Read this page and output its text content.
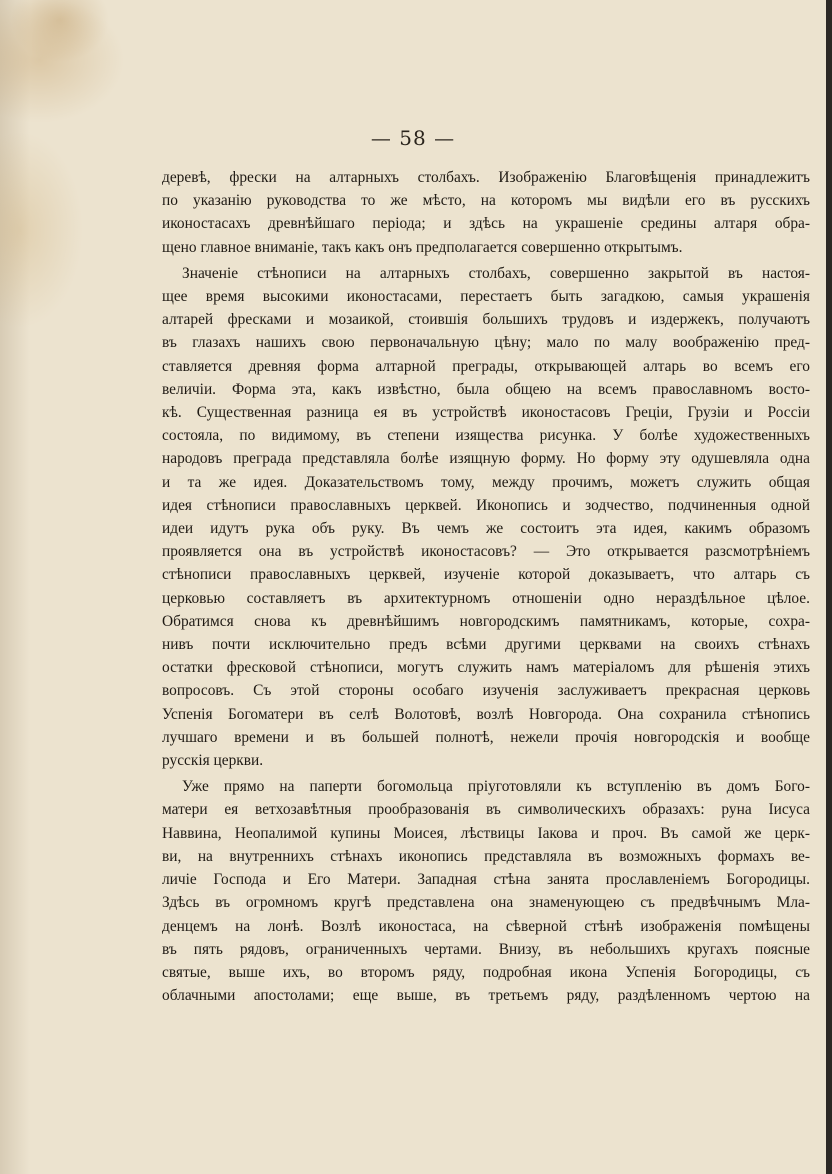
— 58 —

деревѣ, фрески на алтарныхъ столбахъ. Изображенію Благовѣщенія принадлежитъ
по указанію руководства то же мѣсто, на которомъ мы видѣли его въ русскихъ
иконостасахъ древнѣйшаго періода; и здѣсь на украшеніе средины алтаря обра-
щено главное вниманіе, такъ какъ онъ предполагается совершенно открытымъ.

Значеніе стѣнописи на алтарныхъ столбахъ, совершенно закрытой въ настоя-
щее время высокими иконостасами, перестаетъ быть загадкою, самыя украшенія
алтарей фресками и мозаикой, стоившія большихъ трудовъ и издержекъ, получаютъ
въ глазахъ нашихъ свою первоначальную цѣну; мало по малу воображенію пред-
ставляется древняя форма алтарной преграды, открывающей алтарь во всемъ его
величіи. Форма эта, какъ извѣстно, была общею на всемъ православномъ восто-
кѣ. Существенная разница ея въ устройствѣ иконостасовъ Греціи, Грузіи и Россіи
состояла, по видимому, въ степени изящества рисунка. У болѣе художественныхъ
народовъ преграда представляла болѣе изящную форму. Но форму эту одушевляла одна
и та же идея. Доказательствомъ тому, между прочимъ, можетъ служить общая
идея стѣнописи православныхъ церквей. Иконопись и зодчество, подчиненныя одной
идеи идутъ рука объ руку. Въ чемъ же состоитъ эта идея, какимъ образомъ
проявляется она въ устройствѣ иконостасовъ? — Это открывается разсмотрѣніемъ
стѣнописи православныхъ церквей, изученіе которой доказываетъ, что алтарь съ
церковью составляетъ въ архитектурномъ отношеніи одно нераздѣльное цѣлое.
Обратимся снова къ древнѣйшимъ новгородскимъ памятникамъ, которые, сохра-
нивъ почти исключительно предъ всѣми другими церквами на своихъ стѣнахъ
остатки фресковой стѣнописи, могутъ служить намъ матеріаломъ для рѣшенія этихъ
вопросовъ. Съ этой стороны особаго изученія заслуживаетъ прекрасная церковь
Успенія Богоматери въ селѣ Волотовѣ, возлѣ Новгорода. Она сохранила стѣнопись
лучшаго времени и въ большей полнотѣ, нежели прочія новгородскія и вообще
русскія церкви.

Уже прямо на паперти богомольца пріуготовляли къ вступленію въ домъ Бого-
матери ея ветхозавѣтныя прообразованія въ символическихъ образахъ: руна Іисуса
Наввина, Неопалимой купины Моисея, лѣствицы Іакова и проч. Въ самой же церк-
ви, на внутреннихъ стѣнахъ иконопись представляла въ возможныхъ формахъ ве-
личіе Господа и Его Матери. Западная стѣна занята прославленіемъ Богородицы.
Здѣсь въ огромномъ кругѣ представлена она знаменующею съ предвѣчнымъ Мла-
денцемъ на лонѣ. Возлѣ иконостаса, на сѣверной стѣнѣ изображенія помѣщены
въ пять рядовъ, ограниченныхъ чертами. Внизу, въ небольшихъ кругахъ поясные
святые, выше ихъ, во второмъ ряду, подробная икона Успенія Богородицы, съ
облачными апостолами; еще выше, въ третьемъ ряду, раздѣленномъ чертою на
